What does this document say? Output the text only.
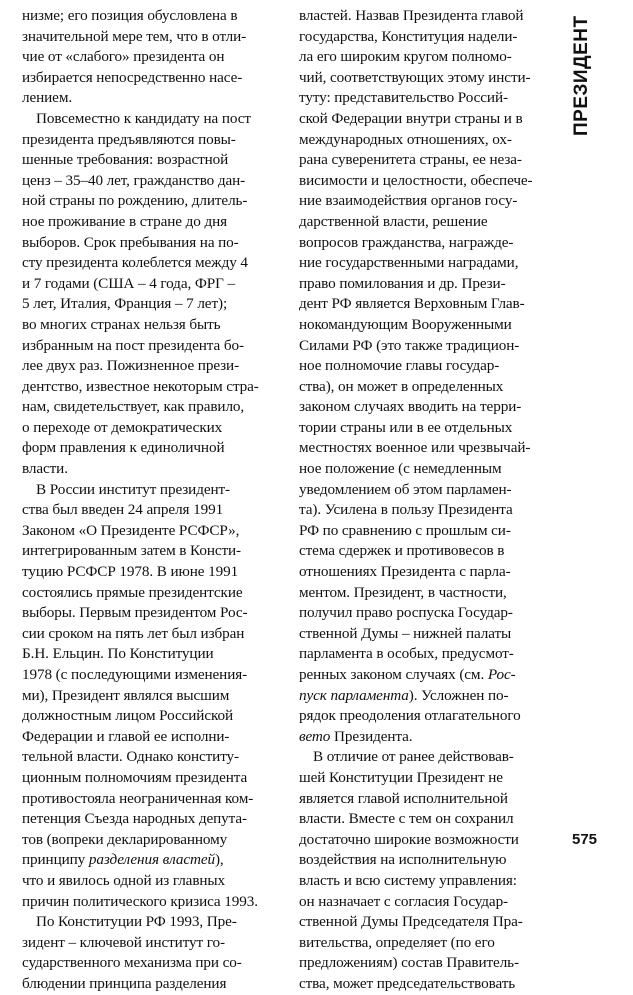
ПРЕЗИДЕНТ

низме; его позиция обусловлена в
значительной мере тем, что в отли-
чие от «слабого» президента он
избирается непосредственно насе-
лением.

Повсеместно к кандидату на пост
президента предъявляются повы-
шенные требования: возрастной
ценз – 35–40 лет, гражданство дан-
ной страны по рождению, длитель-
ное проживание в стране до дня
выборов. Срок пребывания на по-
сту президента колеблется между 4
и 7 годами (США – 4 года, ФРГ –
5 лет, Италия, Франция – 7 лет);
во многих странах нельзя быть
избранным на пост президента бо-
лее двух раз. Пожизненное прези-
дентство, известное некоторым стра-
нам, свидетельствует, как правило,
о переходе от демократических
форм правления к единоличной
власти.

В России институт президент-
ства был введен 24 апреля 1991
Законом «О Президенте РСФСР»,
интегрированным затем в Консти-
туцию РСФСР 1978. В июне 1991
состоялись прямые президентские
выборы. Первым президентом Рос-
сии сроком на пять лет был избран
Б.Н. Ельцин. По Конституции
1978 (с последующими изменения-
ми), Президент являлся высшим
должностным лицом Российской
Федерации и главой ее исполни-
тельной власти. Однако конститу-
ционным полномочиям президента
противостояла неограниченная ком-
петенция Съезда народных депута-
тов (вопреки декларированному
принципу разделения властей),
что и явилось одной из главных
причин политического кризиса 1993.

По Конституции РФ 1993, Пре-
зидент – ключевой институт го-
сударственного механизма при со-
блюдении принципа разделения

властей. Назвав Президента главой
государства, Конституция надели-
ла его широким кругом полномо-
чий, соответствующих этому инсти-
туту: представительство Россий-
ской Федерации внутри страны и в
международных отношениях, ох-
рана суверенитета страны, ее неза-
висимости и целостности, обеспече-
ние взаимодействия органов госу-
дарственной власти, решение
вопросов гражданства, награжде-
ние государственными наградами,
право помилования и др. Прези-
дент РФ является Верховным Глав-
нокомандующим Вооруженными
Силами РФ (это также традицион-
ное полномочие главы государ-
ства), он может в определенных
законом случаях вводить на терри-
тории страны или в ее отдельных
местностях военное или чрезвычай-
ное положение (с немедленным
уведомлением об этом парламен-
та). Усилена в пользу Президента
РФ по сравнению с прошлым си-
стема сдержек и противовесов в
отношениях Президента с парла-
ментом. Президент, в частности,
получил право роспуска Государ-
ственной Думы – нижней палаты
парламента в особых, предусмот-
ренных законом случаях (см. Рос-
пуск парламента). Усложнен по-
рядок преодоления отлагательного
вето Президента.

В отличие от ранее действовав-
шей Конституции Президент не
является главой исполнительной
власти. Вместе с тем он сохранил
достаточно широкие возможности
воздействия на исполнительную
власть и всю систему управления:
он назначает с согласия Государ-
ственной Думы Председателя Пра-
вительства, определяет (по его
предложениям) состав Правитель-
ства, может председательствовать

575
